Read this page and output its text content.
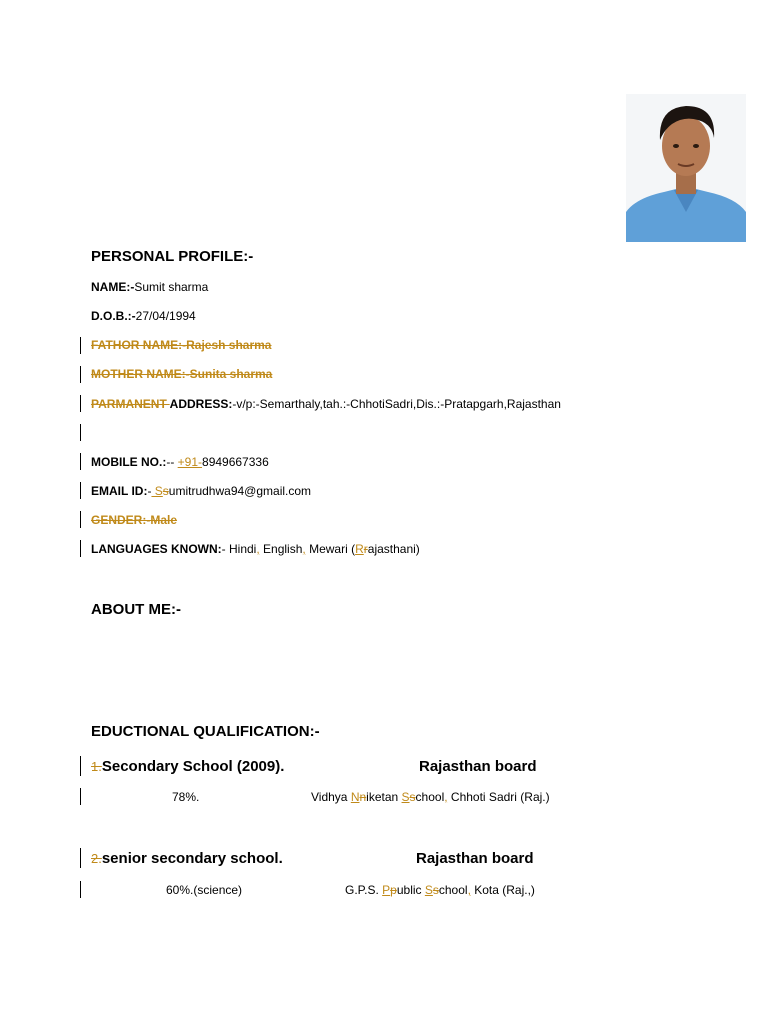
PERSONAL PROFILE:-
NAME:-Sumit sharma
D.O.B.:-27/04/1994
FATHOR NAME:-Rajesh sharma
MOTHER NAME:-Sunita sharma
PARMANENT ADDRESS:-v/p:-Semarthaly,tah.:-ChhotiSadri,Dis.:-Pratapgarh,Rajasthan
MOBILE NO.:-- +91-8949667336
EMAIL ID:- Ssumitrudhwa94@gmail.com
GENDER:-Male
LANGUAGES KNOWN:- Hindi, English, Mewari (Rrajasthani)
ABOUT ME:-
EDUCTIONAL QUALIFICATION:-
1.Secondary School (2009).	Rajasthan board
78%.	Vidhya Nniketan Sschool, Chhoti Sadri (Raj.)
2.senior secondary school.	Rajasthan board
60%.(science)	G.P.S. Ppublic Sschool, Kota (Raj.,)
